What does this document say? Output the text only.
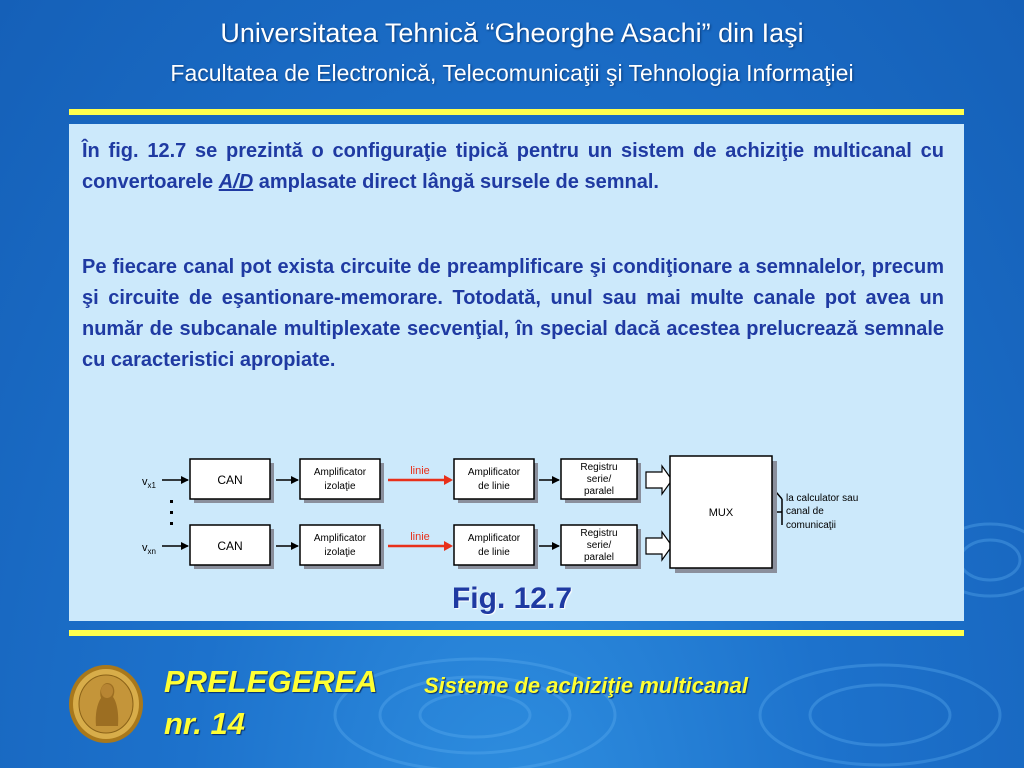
Universitatea Tehnică “Gheorghe Asachi” din Iaşi
Facultatea de Electronică, Telecomunicaţii şi Tehnologia Informaţiei

În fig. 12.7 se prezintă o configuraţie tipică pentru un sistem de achiziţie multicanal cu convertoarele A/D amplasate direct lângă sursele de semnal.

Pe fiecare canal pot exista circuite de preamplificare şi condiţionare a semnalelor, precum şi circuite de eşantionare-memorare. Totodată, unul sau mai multe canale pot avea un număr de subcanale multiplexate secvenţial, în special dacă acestea prelucrează semnale cu caracteristici apropiate.

$v_{x1}$
$v_{xn}$
CAN
Amplificator
izolaţie
linie	Amplificator
de linie
Registru
serie/
paralel
CAN
Amplificator
izolaţie
linie	Amplificator
de linie
Registru
serie/
paralel
MUX
la calculator sau
canal de
comunicaţii
Fig. 12.7
PRELEGEREA
nr. 14
Sisteme de achiziţie multicanal
